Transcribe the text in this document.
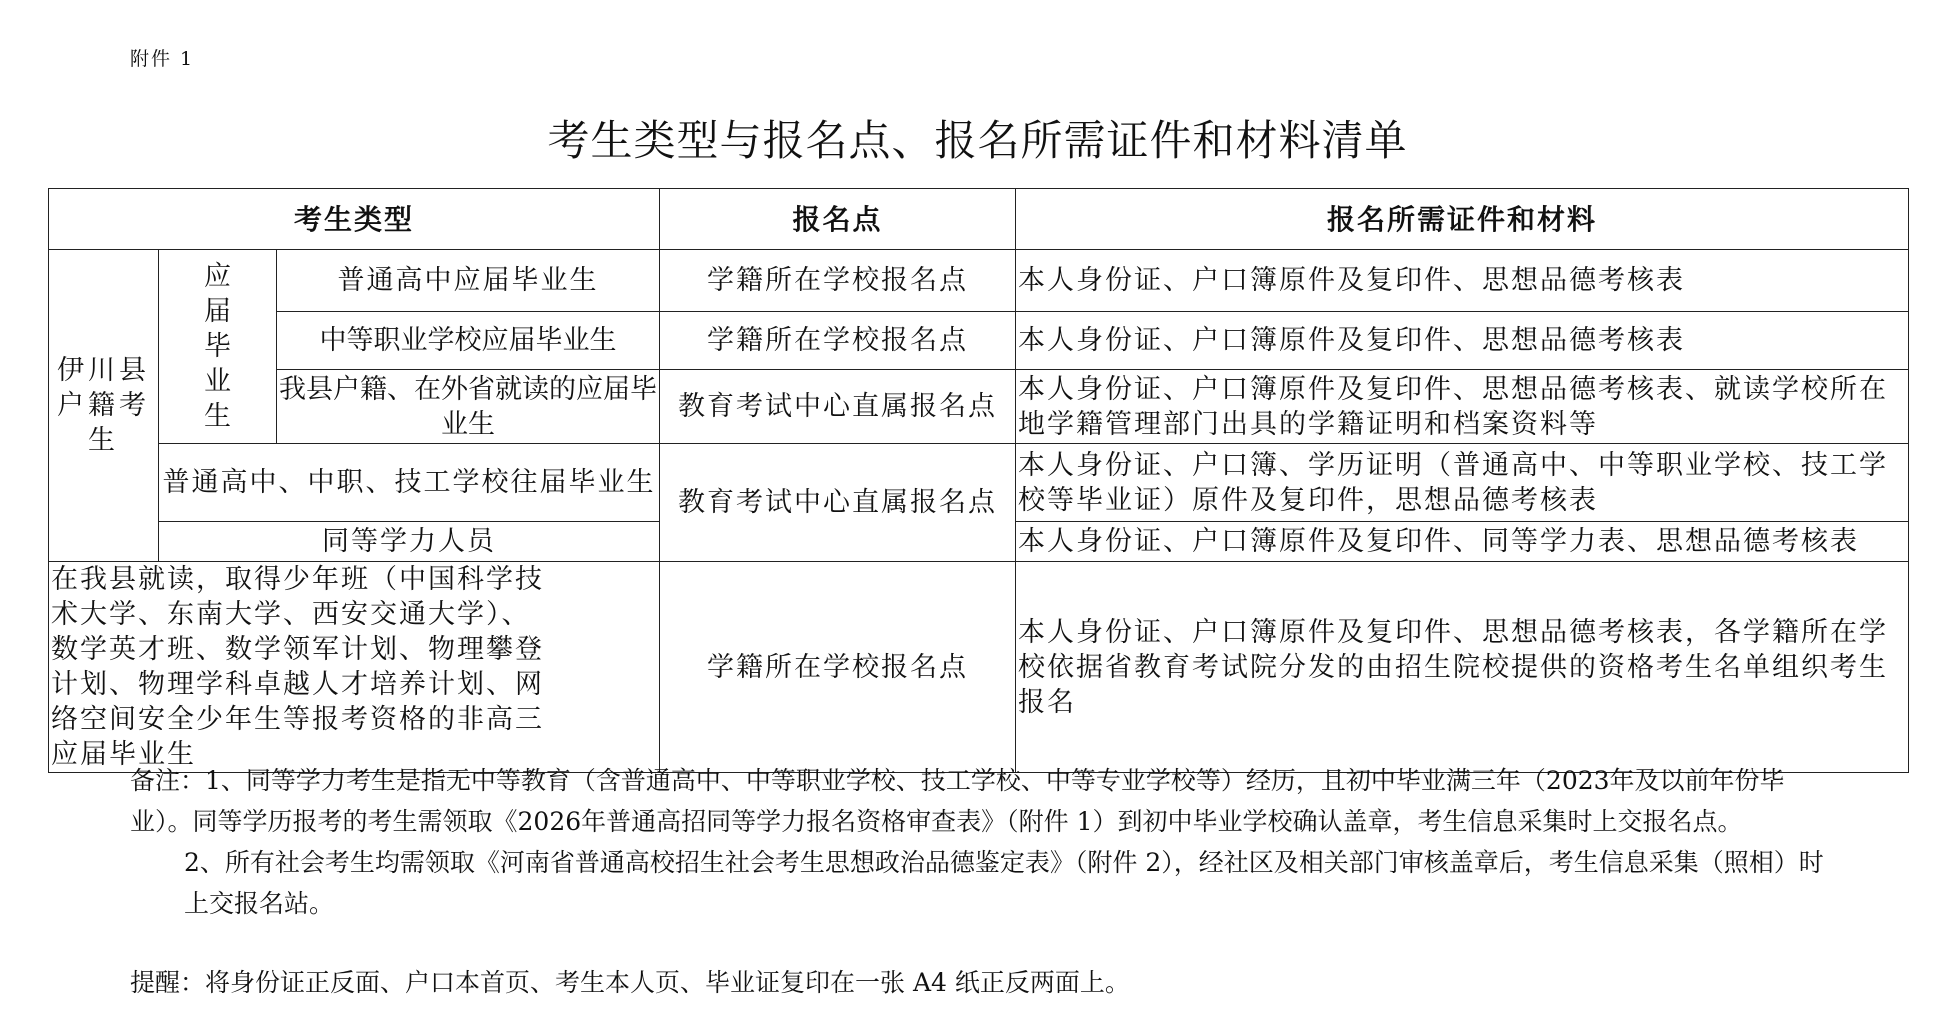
附件 1
考生类型与报名点、报名所需证件和材料清单
考生类型			报名点	报名所需证件和材料

伊川县户籍考生	应届毕业生	普通高中应届毕业生	学籍所在学校报名点	本人身份证、户口簿原件及复印件、思想品德考核表
		中等职业学校应届毕业生	学籍所在学校报名点	本人身份证、户口簿原件及复印件、思想品德考核表
		我县户籍、在外省就读的应届毕业生	教育考试中心直属报名点	本人身份证、户口簿原件及复印件、思想品德考核表、就读学校所在地学籍管理部门出具的学籍证明和档案资料等
	普通高中、中职、技工学校往届毕业生		教育考试中心直属报名点	本人身份证、户口簿、学历证明（普通高中、中等职业学校、技工学校等毕业证）原件及复印件，思想品德考核表
	同等学力人员			本人身份证、户口簿原件及复印件、同等学力表、思想品德考核表
在我县就读，取得少年班（中国科学技术大学、东南大学、西安交通大学）、数学英才班、数学领军计划、物理攀登计划、物理学科卓越人才培养计划、网络空间安全少年生等报考资格的非高三应届毕业生			学籍所在学校报名点	本人身份证、户口簿原件及复印件、思想品德考核表，各学籍所在学校依据省教育考试院分发的由招生院校提供的资格考生名单组织考生报名

备注：1、同等学力考生是指无中等教育（含普通高中、中等职业学校、技工学校、中等专业学校等）经历，且初中毕业满三年（2023年及以前年份毕业）。同等学历报考的考生需领取《2026年普通高招同等学力报名资格审查表》（附件 1）到初中毕业学校确认盖章，考生信息采集时上交报名点。

2、所有社会考生均需领取《河南省普通高校招生社会考生思想政治品德鉴定表》（附件 2），经社区及相关部门审核盖章后，考生信息采集（照相）时上交报名站。

提醒：将身份证正反面、户口本首页、考生本人页、毕业证复印在一张 A4 纸正反两面上。
